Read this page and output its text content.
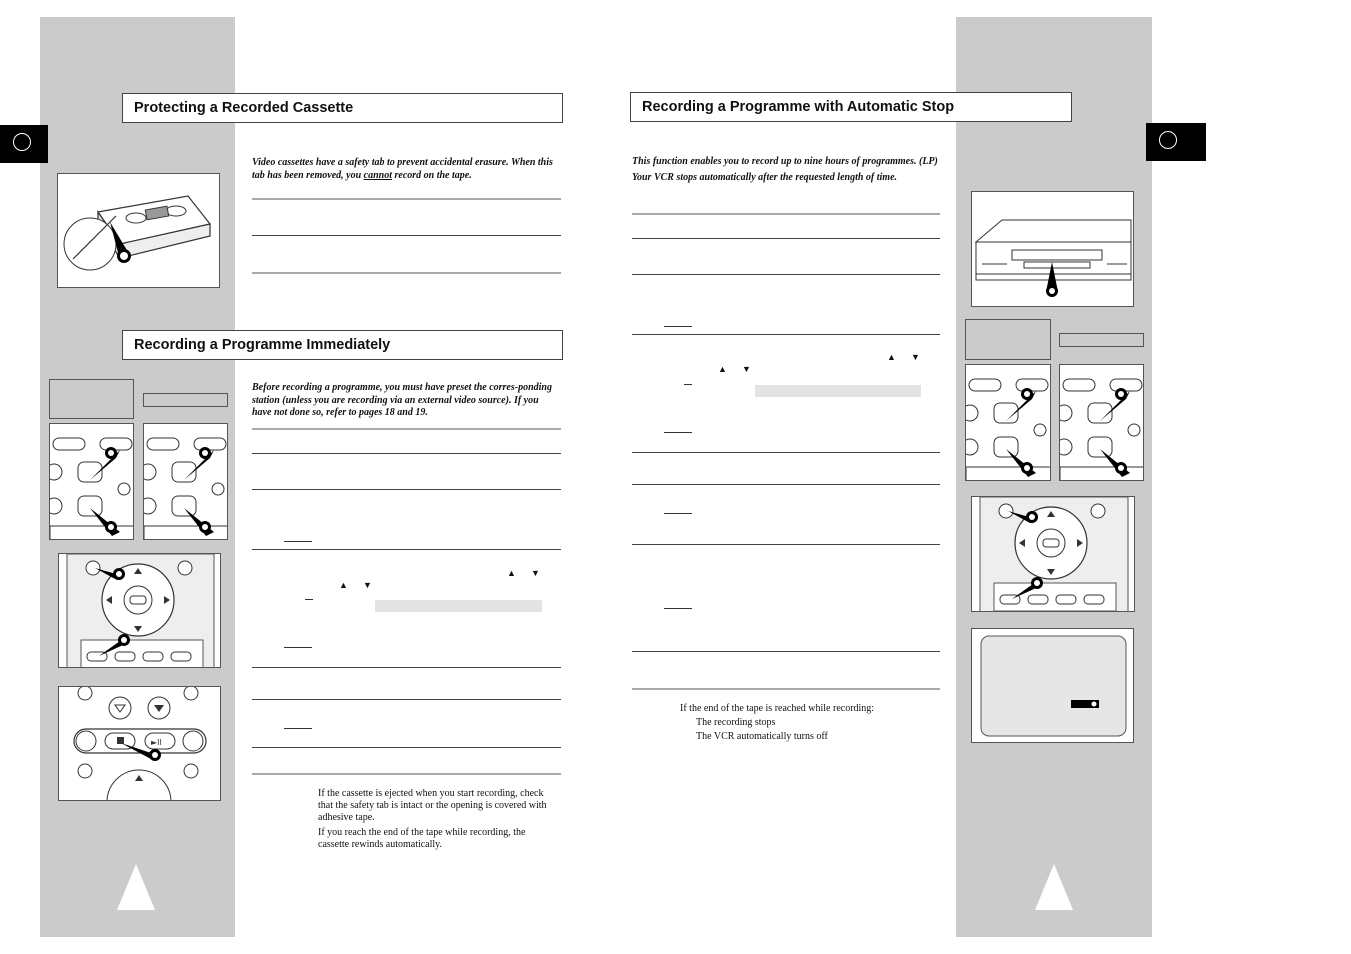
Protecting a Recorded Cassette
Video cassettes have a safety tab to prevent accidental erasure. When this tab has been removed, you cannot record on the tape.
Recording a Programme Immediately
Before recording a programme, you must have preset the corres-ponding station (unless you are recording via an external video source). If you have not done so, refer to pages 18 and 19.
▲ ▼
▲ ▼

If the cassette is ejected when you start recording, check that the safety tab is intact or the opening is covered with adhesive tape.

If you reach the end of the tape while recording, the cassette rewinds automatically.

►II
Recording a Programme with Automatic Stop

This function enables you to record up to nine hours of programmes. (LP)

Your VCR stops automatically after the requested length of time.

▲ ▼
▲ ▼

If the end of the tape is reached while recording:

The recording stops

The VCR automatically turns off
